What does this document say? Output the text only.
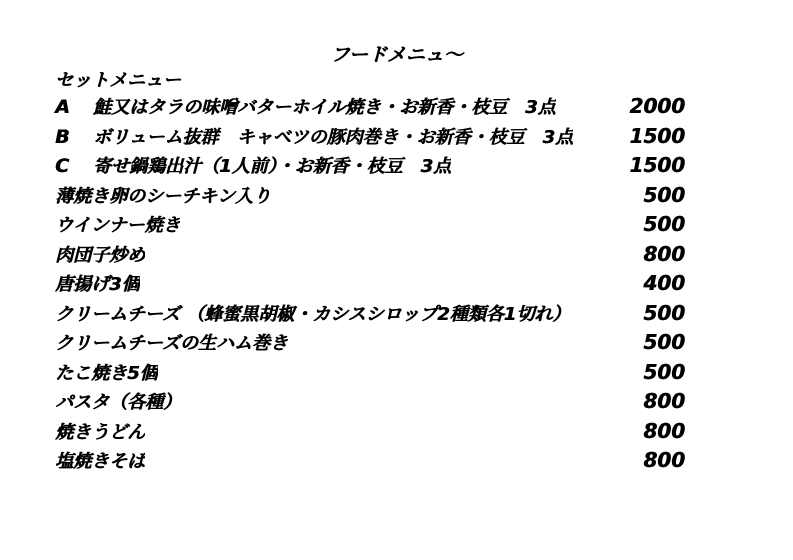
フードメニュ～
セットメニュー
A	鮭又はタラの味噌バターホイル焼き・お新香・枝豆　3点	2000
B	ボリューム抜群　キャベツの豚肉巻き・お新香・枝豆　3点	1500
C	寄せ鍋鶏出汁（1人前）・お新香・枝豆　3点	1500
薄焼き卵のシーチキン入り	500
ウインナー焼き	500
肉団子炒め	800
唐揚げ3個	400
クリームチーズ （蜂蜜黒胡椒・カシスシロップ2種類各1切れ）	500
クリームチーズの生ハム巻き	500
たこ焼き5個	500
パスタ（各種）	800
焼きうどん	800
塩焼きそば	800
